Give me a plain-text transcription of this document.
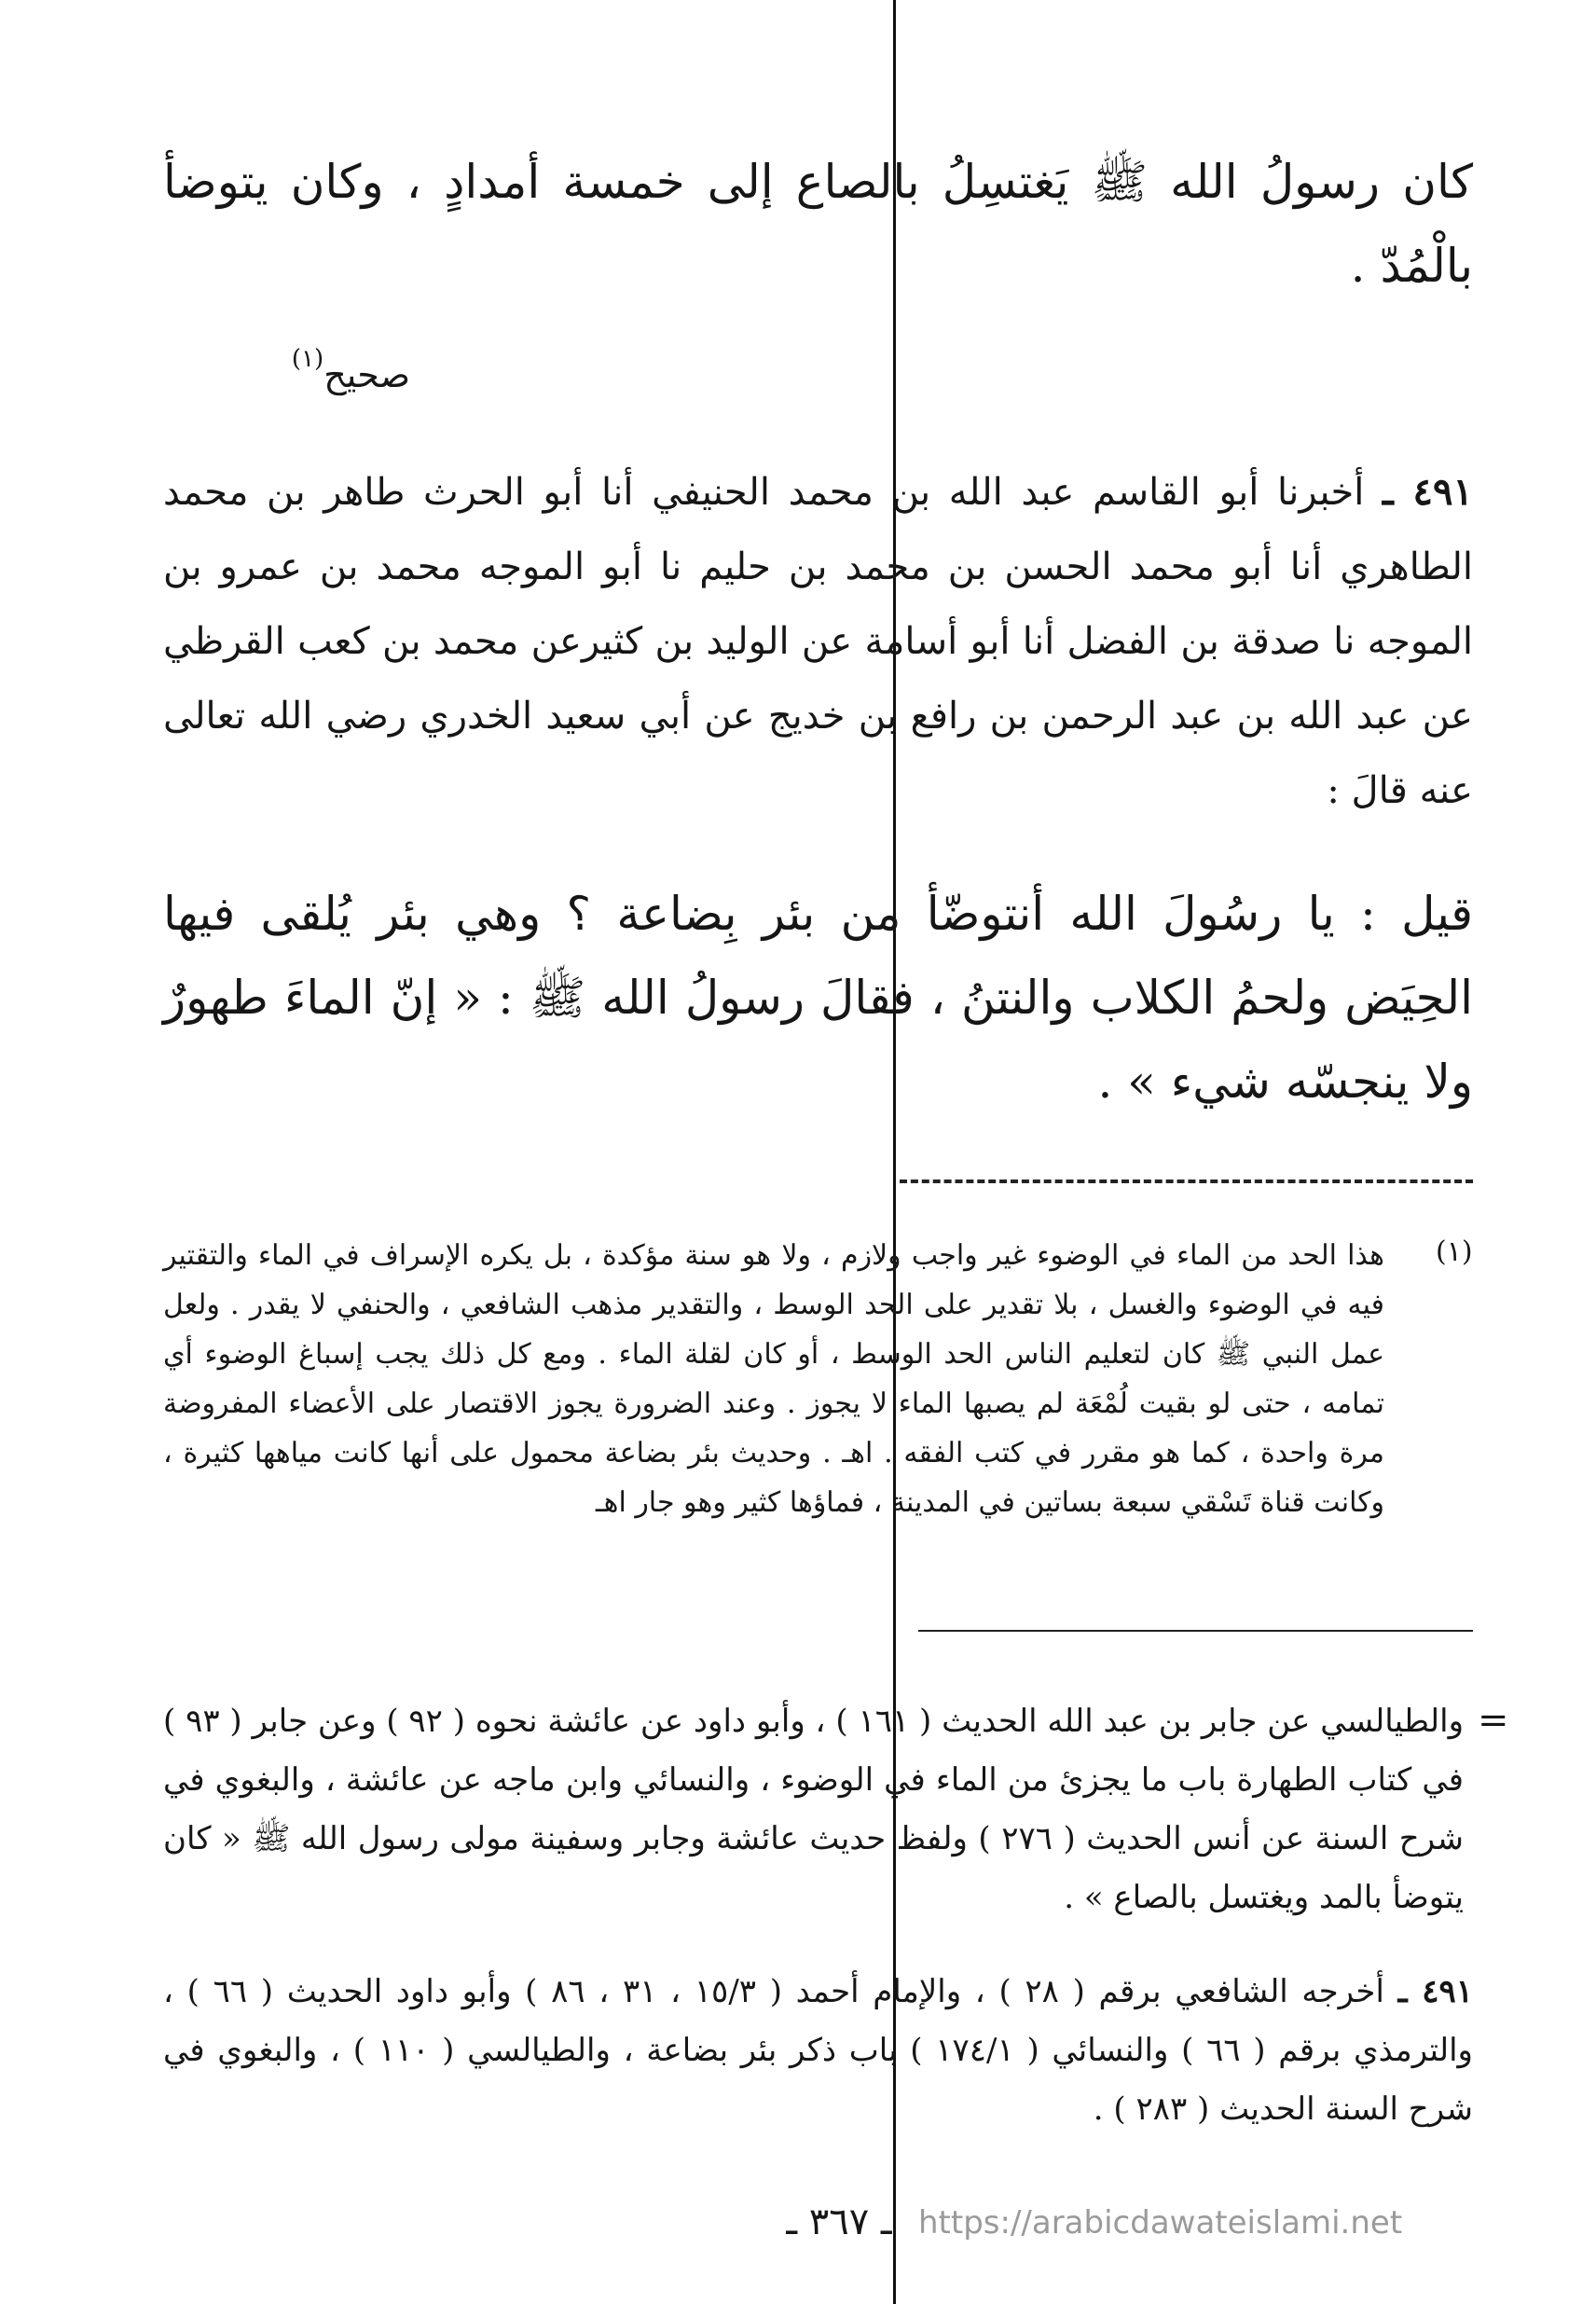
كان رسولُ الله ﷺ يَغتسِلُ بالصاع إلى خمسة أمدادٍ ، وكان يتوضأ بالْمُدّ .
صحيح$^{(١)}$
٤٩١ ـ أخبرنا أبو القاسم عبد الله بن محمد الحنيفي أنا أبو الحرث طاهر بن محمد الطاهري أنا أبو محمد الحسن بن محمد بن حليم نا أبو الموجه محمد بن عمرو بن الموجه نا صدقة بن الفضل أنا أبو أسامة عن الوليد بن كثيرعن محمد بن كعب القرظي عن عبد الله بن عبد الرحمن بن رافع بن خديج عن أبي سعيد الخدري رضي الله تعالى عنه قالَ :
قيل : يا رسُولَ الله أنتوضّأ من بئر بِضاعة ؟ وهي بئر يُلقى فيها الحِيَض ولحمُ الكلاب والنتنُ ، فقالَ رسولُ الله ﷺ : « إنّ الماءَ طهورٌ ولا ينجسّه شيء » .
(١)
هذا الحد من الماء في الوضوء غير واجب ولازم ، ولا هو سنة مؤكدة ، بل يكره الإسراف في الماء والتقتير فيه في الوضوء والغسل ، بلا تقدير على الحد الوسط ، والتقدير مذهب الشافعي ، والحنفي لا يقدر . ولعل عمل النبي ﷺ كان لتعليم الناس الحد الوسط ، أو كان لقلة الماء . ومع كل ذلك يجب إسباغ الوضوء أي تمامه ، حتى لو بقيت لُمْعَة لم يصبها الماء لا يجوز . وعند الضرورة يجوز الاقتصار على الأعضاء المفروضة مرة واحدة ، كما هو مقرر في كتب الفقه . اهـ . وحديث بئر بضاعة محمول على أنها كانت مياهها كثيرة ، وكانت قناة تَسْقي سبعة بساتين في المدينة ، فماؤها كثير وهو جار اهـ
=
والطيالسي عن جابر بن عبد الله الحديث ( ١٦١ ) ، وأبو داود عن عائشة نحوه ( ٩٢ ) وعن جابر ( ٩٣ ) في كتاب الطهارة باب ما يجزئ من الماء في الوضوء ، والنسائي وابن ماجه عن عائشة ، والبغوي في شرح السنة عن أنس الحديث ( ٢٧٦ ) ولفظ حديث عائشة وجابر وسفينة مولى رسول الله ﷺ « كان يتوضأ بالمد ويغتسل بالصاع » .
٤٩١ ـ أخرجه الشافعي برقم ( ٢٨ ) ، والإمام أحمد ( ١٥/٣ ، ٣١ ، ٨٦ ) وأبو داود الحديث ( ٦٦ ) ، والترمذي برقم ( ٦٦ ) والنسائي ( ١٧٤/١ ) باب ذكر بئر بضاعة ، والطيالسي ( ١١٠ ) ، والبغوي في شرح السنة الحديث ( ٢٨٣ ) .
ـ ٣٦٧ ـ https://arabicdawateislami.net
